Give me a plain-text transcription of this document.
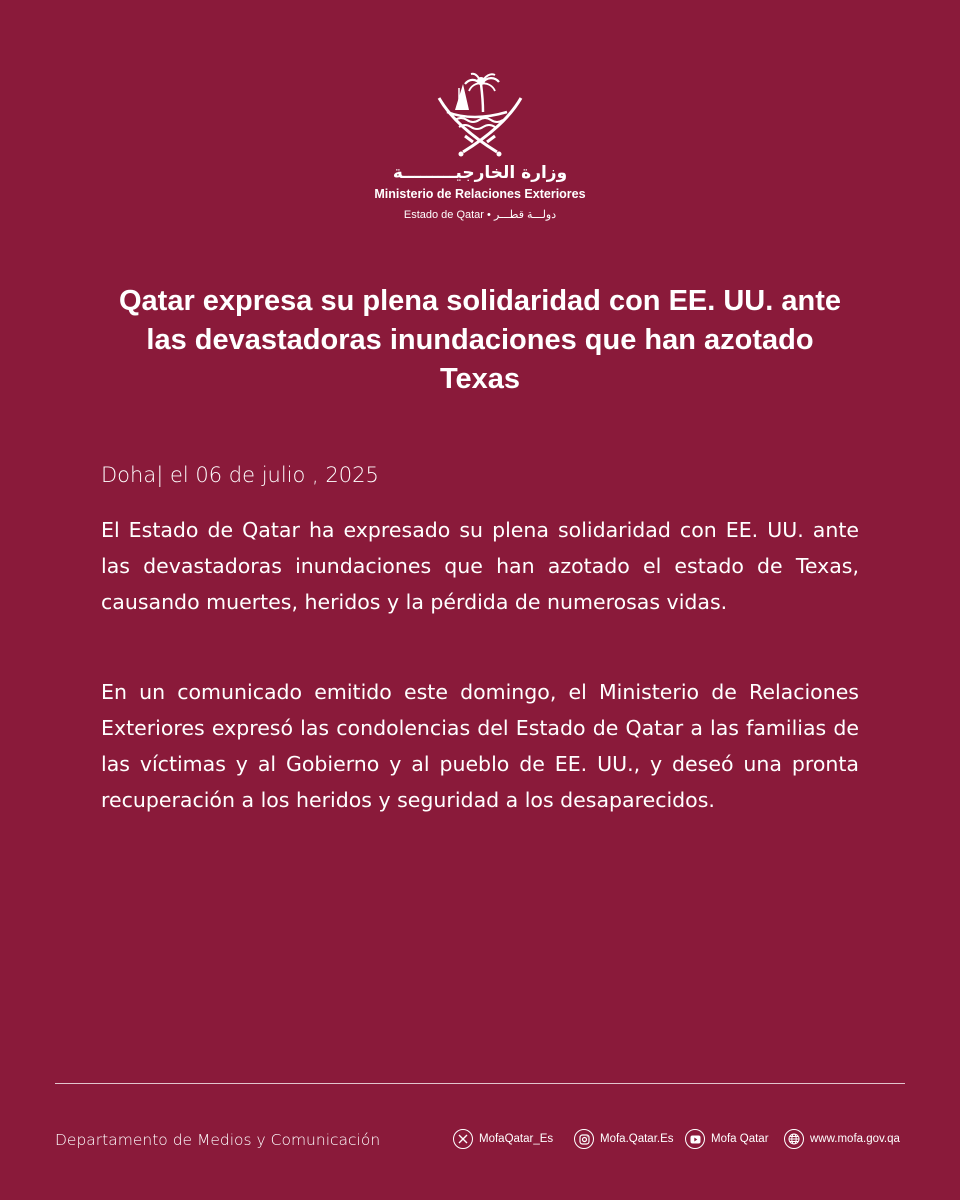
وزارة الخارجيـــــــــة
Ministerio de Relaciones Exteriores
Estado de Qatar • دولـــة قطـــر
Qatar expresa su plena solidaridad con EE. UU. ante las devastadoras inundaciones que han azotado Texas

Doha| el 06 de julio , 2025

El Estado de Qatar ha expresado su plena solidaridad con EE. UU. ante las devastadoras inundaciones que han azotado el estado de Texas, causando muertes, heridos y la pérdida de numerosas vidas.

En un comunicado emitido este domingo, el Ministerio de Relaciones Exteriores expresó las condolencias del Estado de Qatar a las familias de las víctimas y al Gobierno y al pueblo de EE. UU., y deseó una pronta recuperación a los heridos y seguridad a los desaparecidos.

Departamento de Medios y Comunicación	MofaQatar_Es	Mofa.Qatar.Es	Mofa Qatar	www.mofa.gov.qa
